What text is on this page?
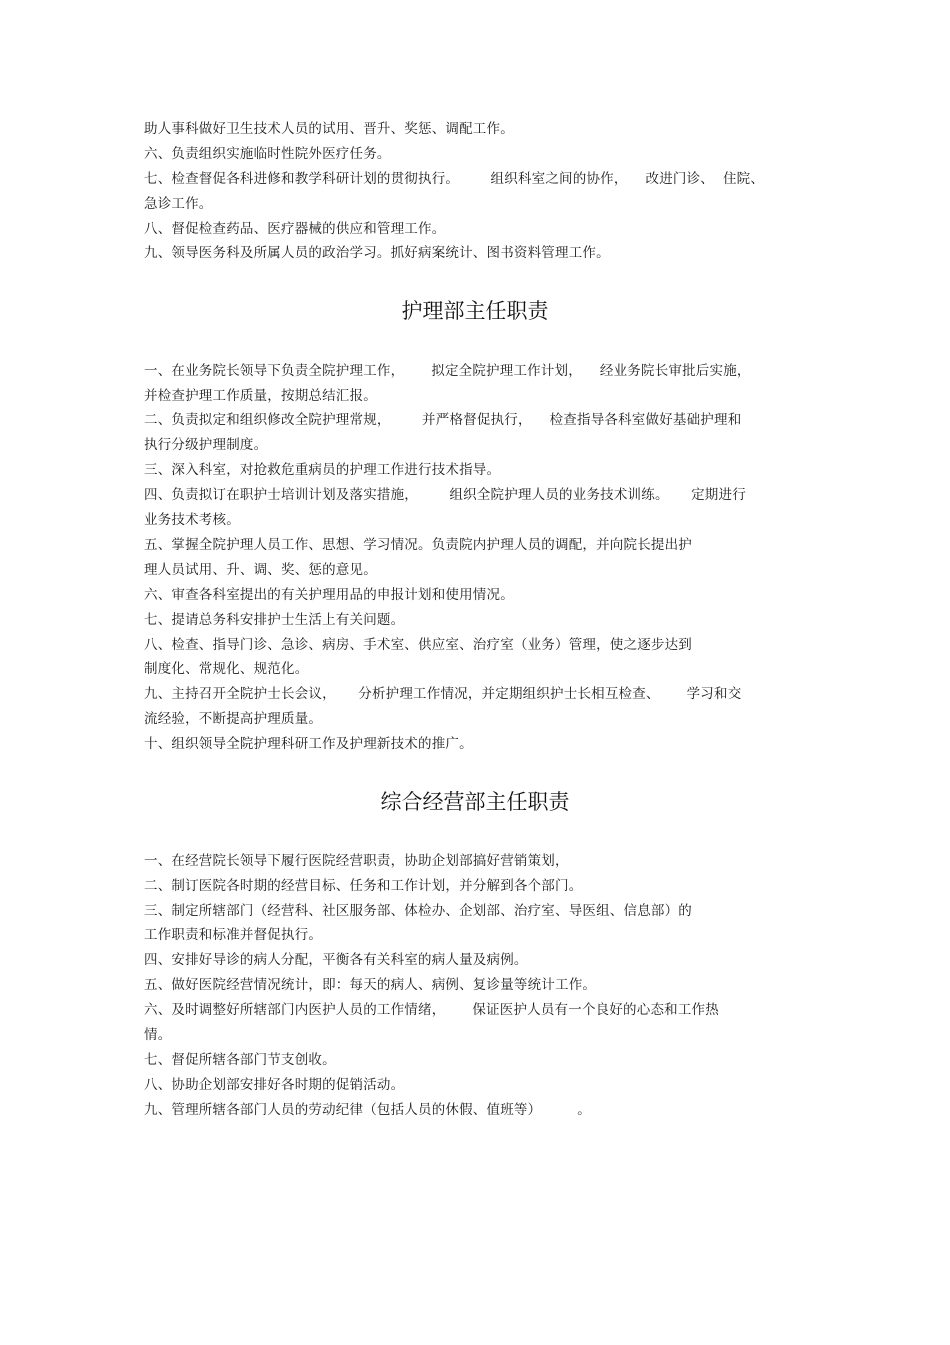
助人事科做好卫生技术人员的试用、晋升、奖惩、调配工作。
六、负责组织实施临时性院外医疗任务。
七、检查督促各科进修和教学科研计划的贯彻执行。       组织科室之间的协作，    改进门诊、  住院、
急诊工作。
八、督促检查药品、医疗器械的供应和管理工作。
九、领导医务科及所属人员的政治学习。抓好病案统计、图书资料管理工作。
护理部主任职责
一、在业务院长领导下负责全院护理工作，      拟定全院护理工作计划，    经业务院长审批后实施，
并检查护理工作质量，按期总结汇报。
二、负责拟定和组织修改全院护理常规，       并严格督促执行，    检查指导各科室做好基础护理和
执行分级护理制度。
三、深入科室，对抢救危重病员的护理工作进行技术指导。
四、负责拟订在职护士培训计划及落实措施，       组织全院护理人员的业务技术训练。     定期进行
业务技术考核。
五、掌握全院护理人员工作、思想、学习情况。负责院内护理人员的调配，并向院长提出护
理人员试用、升、调、奖、惩的意见。
六、审查各科室提出的有关护理用品的申报计划和使用情况。
七、提请总务科安排护士生活上有关问题。
八、检查、指导门诊、急诊、病房、手术室、供应室、治疗室（业务）管理，使之逐步达到
制度化、常规化、规范化。
九、主持召开全院护士长会议，     分析护理工作情况，并定期组织护士长相互检查、      学习和交
流经验，不断提高护理质量。
十、组织领导全院护理科研工作及护理新技术的推广。
综合经营部主任职责
一、在经营院长领导下履行医院经营职责，协助企划部搞好营销策划，
二、制订医院各时期的经营目标、任务和工作计划，并分解到各个部门。
三、制定所辖部门（经营科、社区服务部、体检办、企划部、治疗室、导医组、信息部）的
工作职责和标准并督促执行。
四、安排好导诊的病人分配，平衡各有关科室的病人量及病例。
五、做好医院经营情况统计，即：每天的病人、病例、复诊量等统计工作。
六、及时调整好所辖部门内医护人员的工作情绪，      保证医护人员有一个良好的心态和工作热
情。
七、督促所辖各部门节支创收。
八、协助企划部安排好各时期的促销活动。
九、管理所辖各部门人员的劳动纪律（包括人员的休假、值班等）        。
